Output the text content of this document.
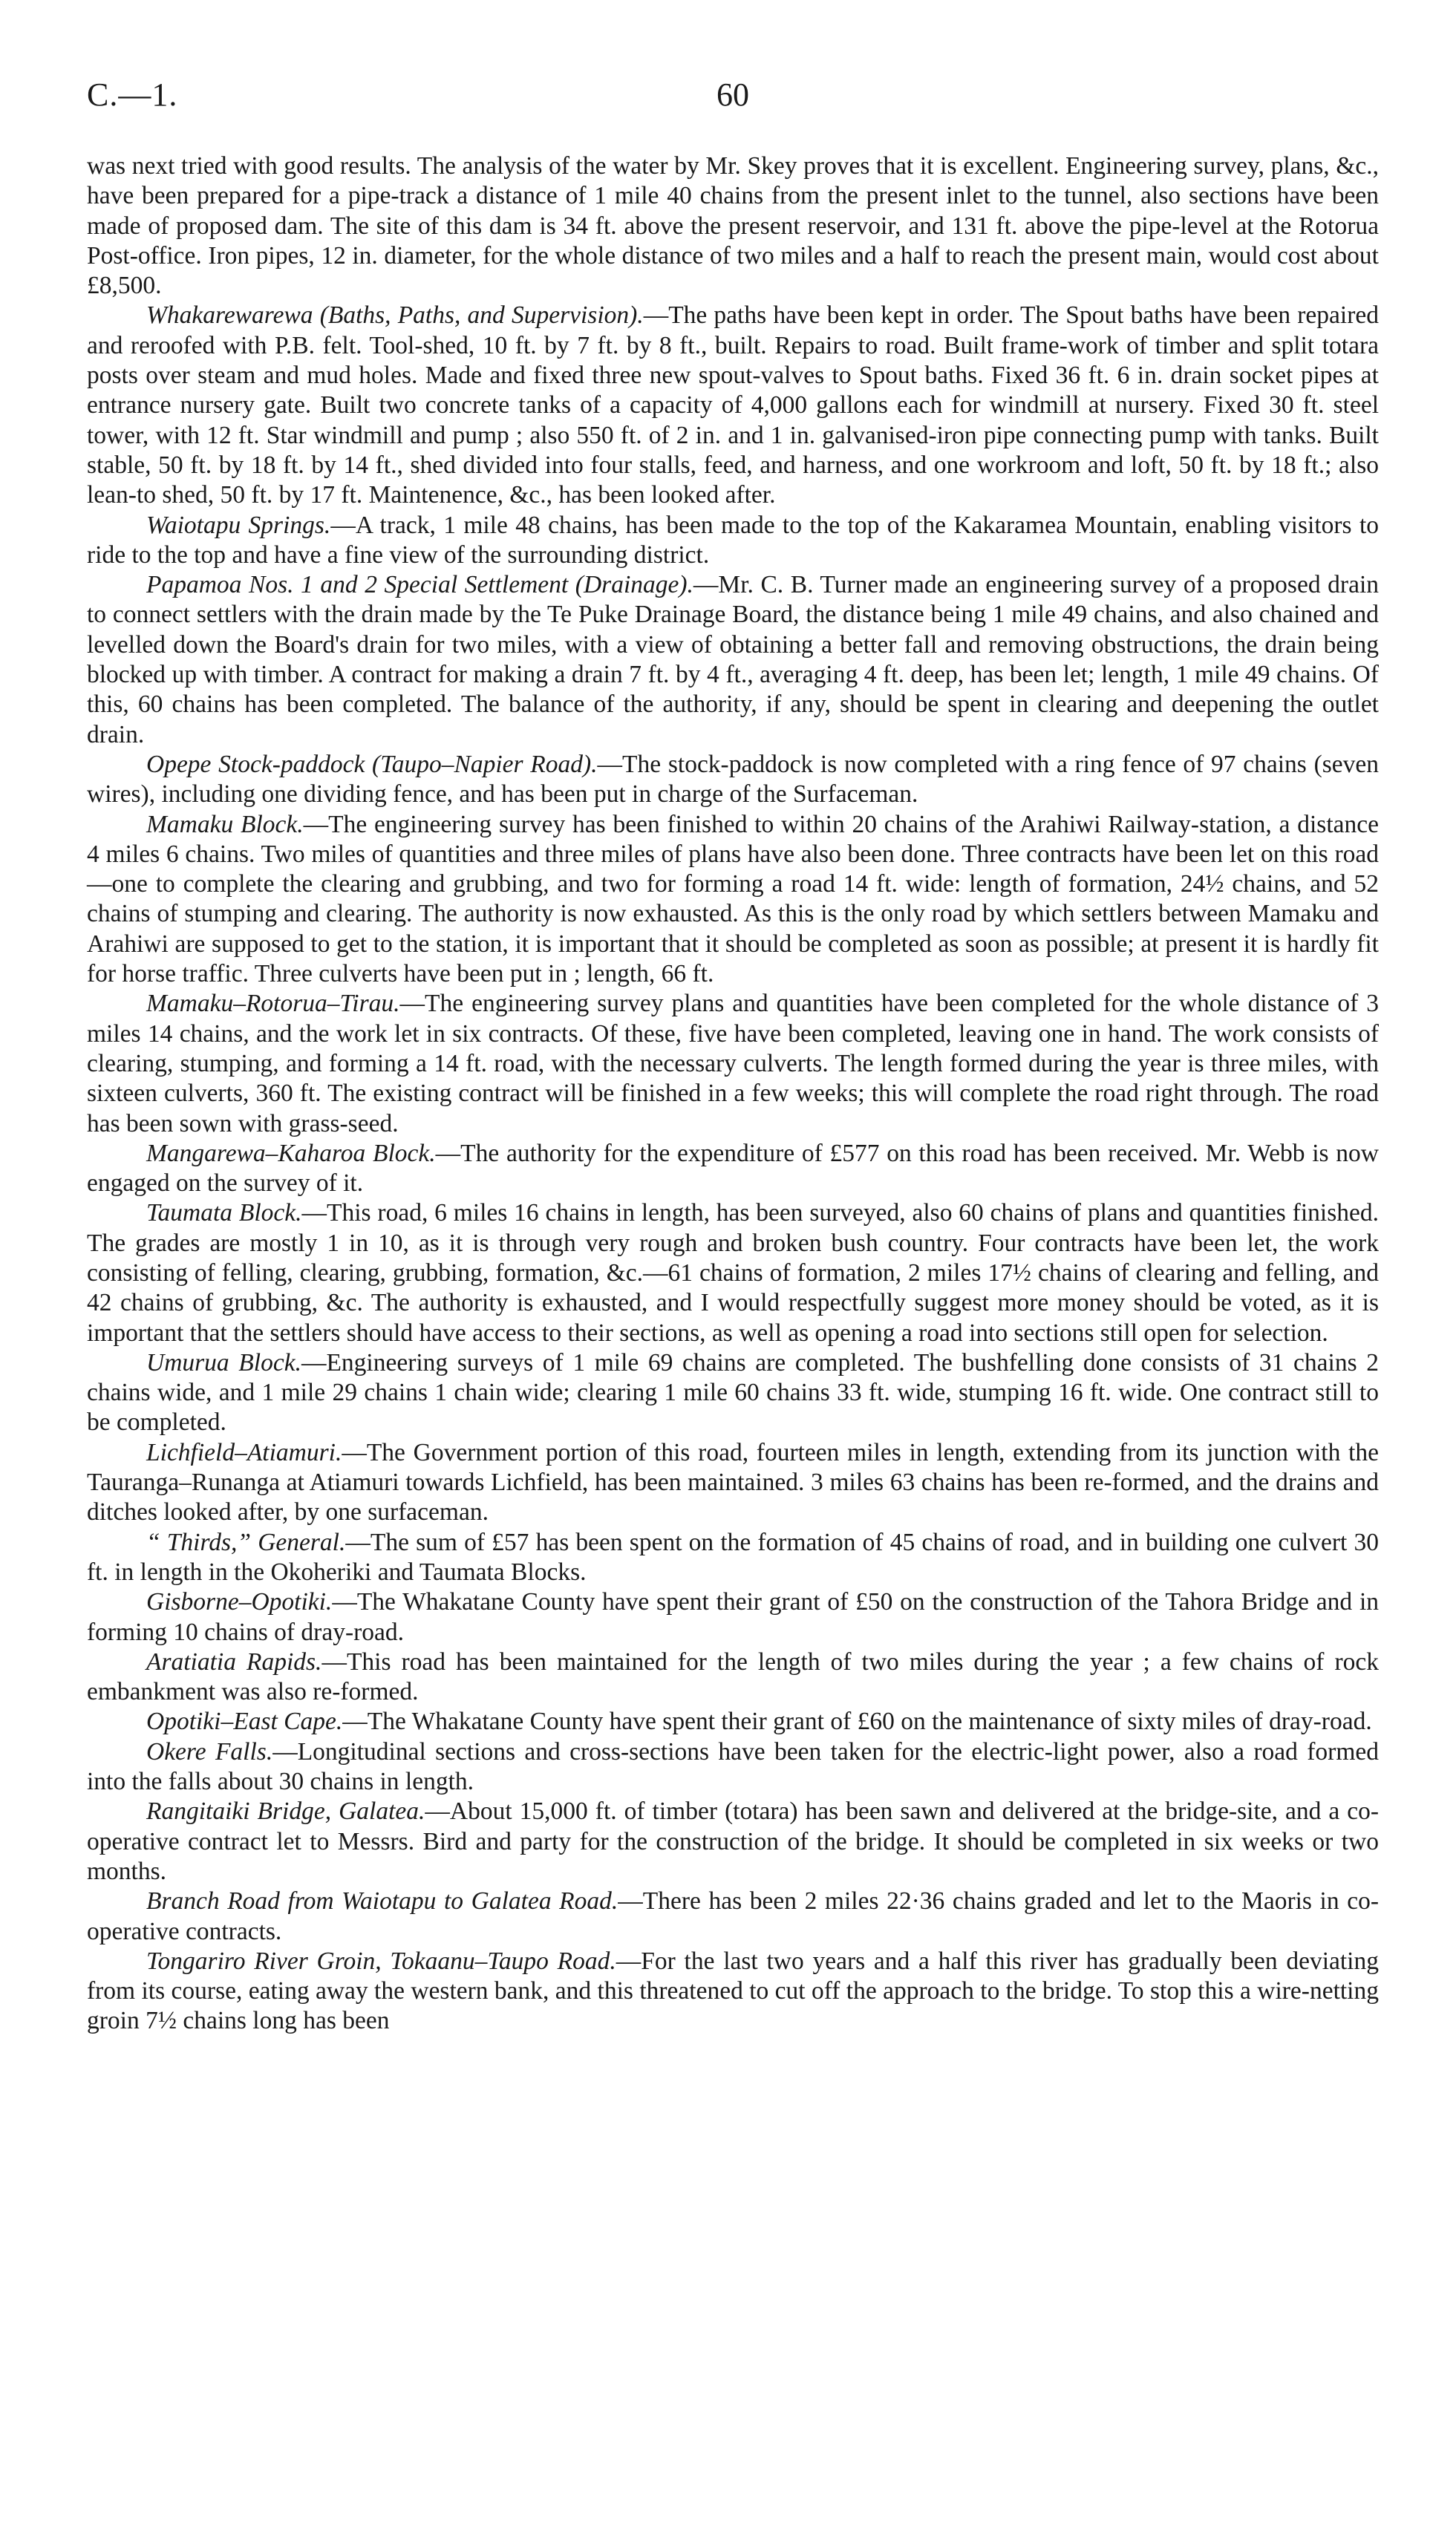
C.—1.	60

was next tried with good results. The analysis of the water by Mr. Skey proves that it is excellent. Engineering survey, plans, &c., have been prepared for a pipe-track a distance of 1 mile 40 chains from the present inlet to the tunnel, also sections have been made of proposed dam. The site of this dam is 34 ft. above the present reservoir, and 131 ft. above the pipe-level at the Rotorua Post-office. Iron pipes, 12 in. diameter, for the whole distance of two miles and a half to reach the present main, would cost about £8,500.

Whakarewarewa (Baths, Paths, and Supervision).—The paths have been kept in order. The Spout baths have been repaired and reroofed with P.B. felt. Tool-shed, 10 ft. by 7 ft. by 8 ft., built. Repairs to road. Built frame-work of timber and split totara posts over steam and mud holes. Made and fixed three new spout-valves to Spout baths. Fixed 36 ft. 6 in. drain socket pipes at entrance nursery gate. Built two concrete tanks of a capacity of 4,000 gallons each for windmill at nursery. Fixed 30 ft. steel tower, with 12 ft. Star windmill and pump ; also 550 ft. of 2 in. and 1 in. galvanised-iron pipe connecting pump with tanks. Built stable, 50 ft. by 18 ft. by 14 ft., shed divided into four stalls, feed, and harness, and one workroom and loft, 50 ft. by 18 ft.; also lean-to shed, 50 ft. by 17 ft. Maintenence, &c., has been looked after.

Waiotapu Springs.—A track, 1 mile 48 chains, has been made to the top of the Kakaramea Mountain, enabling visitors to ride to the top and have a fine view of the surrounding district.

Papamoa Nos. 1 and 2 Special Settlement (Drainage).—Mr. C. B. Turner made an engineering survey of a proposed drain to connect settlers with the drain made by the Te Puke Drainage Board, the distance being 1 mile 49 chains, and also chained and levelled down the Board's drain for two miles, with a view of obtaining a better fall and removing obstructions, the drain being blocked up with timber. A contract for making a drain 7 ft. by 4 ft., averaging 4 ft. deep, has been let; length, 1 mile 49 chains. Of this, 60 chains has been completed. The balance of the authority, if any, should be spent in clearing and deepening the outlet drain.

Opepe Stock-paddock (Taupo–Napier Road).—The stock-paddock is now completed with a ring fence of 97 chains (seven wires), including one dividing fence, and has been put in charge of the Surfaceman.

Mamaku Block.—The engineering survey has been finished to within 20 chains of the Arahiwi Railway-station, a distance 4 miles 6 chains. Two miles of quantities and three miles of plans have also been done. Three contracts have been let on this road—one to complete the clearing and grubbing, and two for forming a road 14 ft. wide: length of formation, 24½ chains, and 52 chains of stumping and clearing. The authority is now exhausted. As this is the only road by which settlers between Mamaku and Arahiwi are supposed to get to the station, it is important that it should be completed as soon as possible; at present it is hardly fit for horse traffic. Three culverts have been put in ; length, 66 ft.

Mamaku–Rotorua–Tirau.—The engineering survey plans and quantities have been completed for the whole distance of 3 miles 14 chains, and the work let in six contracts. Of these, five have been completed, leaving one in hand. The work consists of clearing, stumping, and forming a 14 ft. road, with the necessary culverts. The length formed during the year is three miles, with sixteen culverts, 360 ft. The existing contract will be finished in a few weeks; this will complete the road right through. The road has been sown with grass-seed.

Mangarewa–Kaharoa Block.—The authority for the expenditure of £577 on this road has been received. Mr. Webb is now engaged on the survey of it.

Taumata Block.—This road, 6 miles 16 chains in length, has been surveyed, also 60 chains of plans and quantities finished. The grades are mostly 1 in 10, as it is through very rough and broken bush country. Four contracts have been let, the work consisting of felling, clearing, grubbing, formation, &c.—61 chains of formation, 2 miles 17½ chains of clearing and felling, and 42 chains of grubbing, &c. The authority is exhausted, and I would respectfully suggest more money should be voted, as it is important that the settlers should have access to their sections, as well as opening a road into sections still open for selection.

Umurua Block.—Engineering surveys of 1 mile 69 chains are completed. The bushfelling done consists of 31 chains 2 chains wide, and 1 mile 29 chains 1 chain wide; clearing 1 mile 60 chains 33 ft. wide, stumping 16 ft. wide. One contract still to be completed.

Lichfield–Atiamuri.—The Government portion of this road, fourteen miles in length, extending from its junction with the Tauranga–Runanga at Atiamuri towards Lichfield, has been maintained. 3 miles 63 chains has been re-formed, and the drains and ditches looked after, by one surfaceman.

“ Thirds,” General.—The sum of £57 has been spent on the formation of 45 chains of road, and in building one culvert 30 ft. in length in the Okoheriki and Taumata Blocks.

Gisborne–Opotiki.—The Whakatane County have spent their grant of £50 on the construction of the Tahora Bridge and in forming 10 chains of dray-road.

Aratiatia Rapids.—This road has been maintained for the length of two miles during the year ; a few chains of rock embankment was also re-formed.

Opotiki–East Cape.—The Whakatane County have spent their grant of £60 on the maintenance of sixty miles of dray-road.

Okere Falls.—Longitudinal sections and cross-sections have been taken for the electric-light power, also a road formed into the falls about 30 chains in length.

Rangitaiki Bridge, Galatea.—About 15,000 ft. of timber (totara) has been sawn and delivered at the bridge-site, and a co-operative contract let to Messrs. Bird and party for the construction of the bridge. It should be completed in six weeks or two months.

Branch Road from Waiotapu to Galatea Road.—There has been 2 miles 22·36 chains graded and let to the Maoris in co-operative contracts.

Tongariro River Groin, Tokaanu–Taupo Road.—For the last two years and a half this river has gradually been deviating from its course, eating away the western bank, and this threatened to cut off the approach to the bridge. To stop this a wire-netting groin 7½ chains long has been
